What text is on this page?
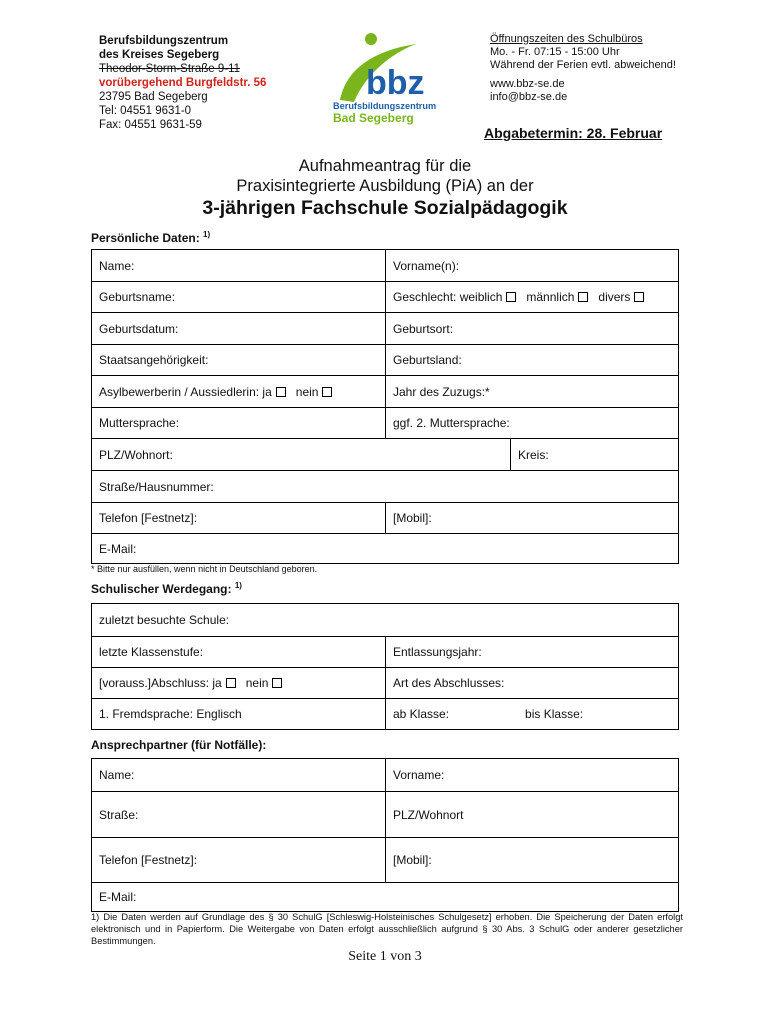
Berufsbildungszentrum
des Kreises Segeberg
Theodor-Storm-Straße 9-11
vorübergehend Burgfeldstr. 56
23795 Bad Segeberg
Tel: 04551 9631-0
Fax: 04551 9631-59
bbz
Berufsbildungszentrum
Bad Segeberg
Öffnungszeiten des Schulbüros
Mo. - Fr. 07:15 - 15:00 Uhr
Während der Ferien evtl. abweichend!
www.bbz-se.de
info@bbz-se.de
Abgabetermin: 28. Februar
Aufnahmeantrag für die
Praxisintegrierte Ausbildung (PiA) an der
3-jährigen Fachschule Sozialpädagogik
Persönliche Daten: $^{1)}$
Name:	Vorname(n):
Geburtsname:	Geschlecht: weiblich männlich divers
Geburtsdatum:	Geburtsort:
Staatsangehörigkeit:	Geburtsland:
Asylbewerberin / Aussiedlerin: ja nein	Jahr des Zuzugs:*
Muttersprache:	ggf. 2. Muttersprache:
PLZ/Wohnort:	Kreis:
Straße/Hausnummer:
Telefon [Festnetz]:	[Mobil]:
E-Mail:
* Bitte nur ausfüllen, wenn nicht in Deutschland geboren.
Schulischer Werdegang: $^{1)}$
zuletzt besuchte Schule:
letzte Klassenstufe:	Entlassungsjahr:
[vorauss.]Abschluss: ja nein	Art des Abschlusses:
1. Fremdsprache: Englisch	ab Klasse:	bis Klasse:
Ansprechpartner (für Notfälle):
Name:	Vorname:
Straße:	PLZ/Wohnort
Telefon [Festnetz]:	[Mobil]:
E-Mail:
1) Die Daten werden auf Grundlage des § 30 SchulG [Schleswig-Holsteinisches Schulgesetz] erhoben. Die Speicherung der Daten erfolgt elektronisch und in Papierform. Die Weitergabe von Daten erfolgt ausschließlich aufgrund § 30 Abs. 3 SchulG oder anderer gesetzlicher Bestimmungen.
Seite 1 von 3
